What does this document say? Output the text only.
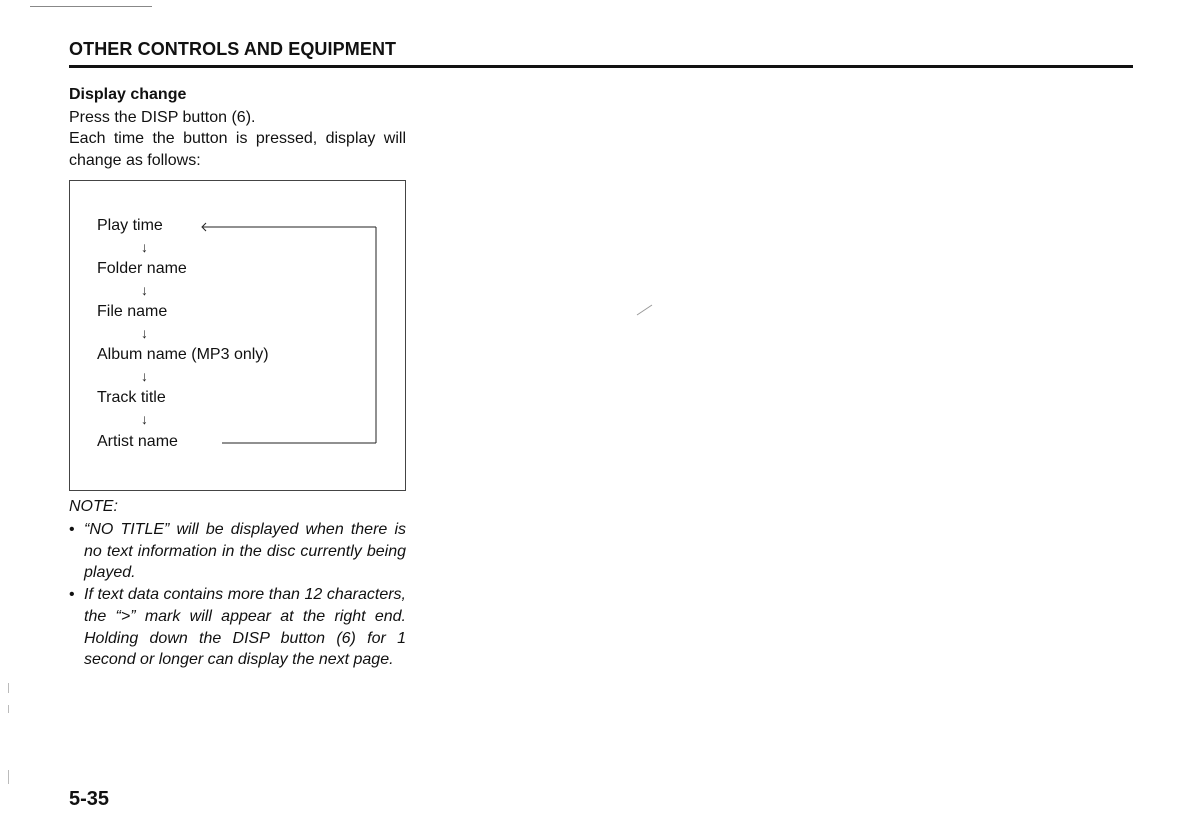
OTHER CONTROLS AND EQUIPMENT
Display change

Press the DISP button (6).

Each time the button is pressed, display will change as follows:

Play time

↓

Folder name

↓

File name

↓

Album name (MP3 only)

↓

Track title

↓

Artist name

NOTE:

• “NO TITLE” will be displayed when there is no text information in the disc currently being played.
• If text data contains more than 12 characters, the “>” mark will appear at the right end. Holding down the DISP button (6) for 1 second or longer can display the next page.

5-35
